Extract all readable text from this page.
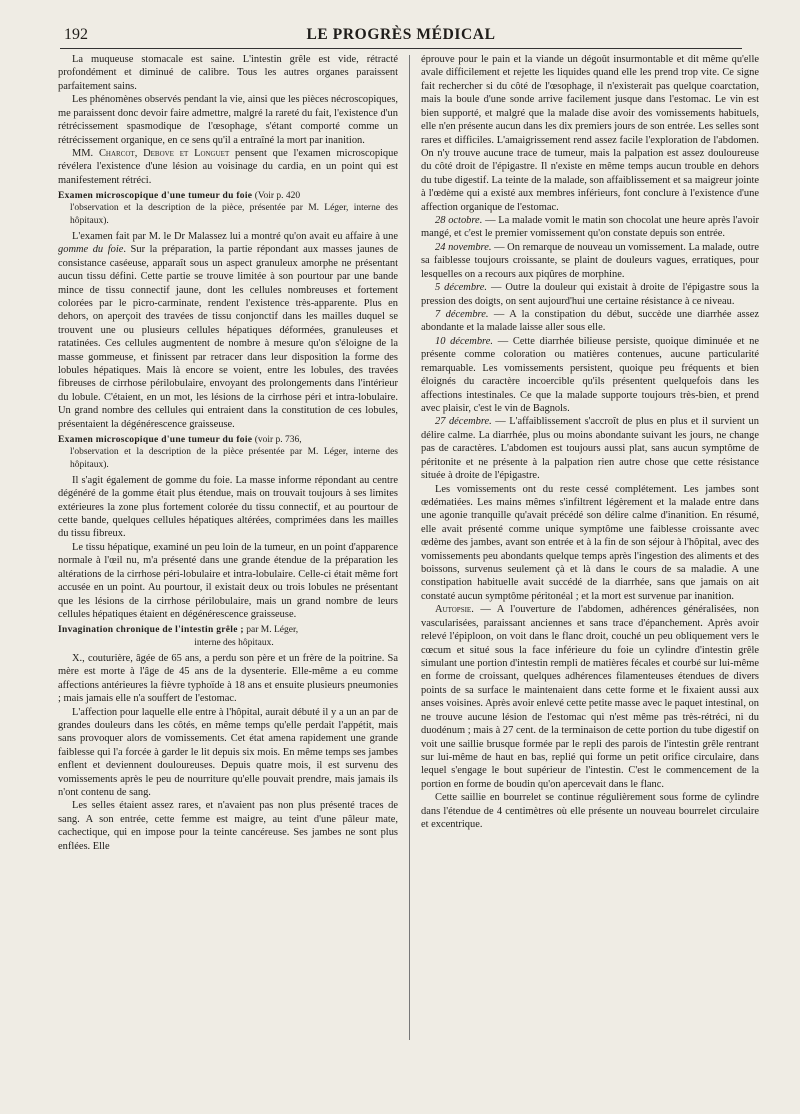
192	LE PROGRÈS MÉDICAL

La muqueuse stomacale est saine. L'intestin grêle est vide, rétracté profondément et diminué de calibre. Tous les autres organes paraissent parfaitement sains.

Les phénomènes observés pendant la vie, ainsi que les pièces nécroscopiques, me paraissent donc devoir faire admettre, malgré la rareté du fait, l'existence d'un rétrécissement spasmodique de l'œsophage, s'étant comporté comme un rétrécissement organique, en ce sens qu'il a entraîné la mort par inanition.

MM. Charcot, Debove et Longuet pensent que l'examen microscopique révélera l'existence d'une lésion au voisinage du cardia, en un point qui est manifestement rétréci.

Examen microscopique d'une tumeur du foie (Voir p. 420
l'observation et la description de la pièce, présentée par M. Léger, interne des hôpitaux).

L'examen fait par M. le Dr Malassez lui a montré qu'on avait eu affaire à une gomme du foie. Sur la préparation, la partie répondant aux masses jaunes de consistance caséeuse, apparaît sous un aspect granuleux amorphe ne présentant aucun tissu défini. Cette partie se trouve limitée à son pourtour par une bande mince de tissu connectif jaune, dont les cellules nombreuses et fortement colorées par le picro-carminate, rendent l'existence très-apparente. Plus en dehors, on aperçoit des travées de tissu conjonctif dans les mailles duquel se trouvent une ou plusieurs cellules hépatiques déformées, granuleuses et ratatinées. Ces cellules augmentent de nombre à mesure qu'on s'éloigne de la masse gommeuse, et finissent par retracer dans leur disposition la forme des lobules hépatiques. Mais là encore se voient, entre les lobules, des travées fibreuses de cirrhose périlobulaire, envoyant des prolongements dans l'intérieur du lobule. C'étaient, en un mot, les lésions de la cirrhose péri et intra-lobulaire. Un grand nombre des cellules qui entraient dans la constitution de ces lobules, présentaient la dégénérescence graisseuse.

Examen microscopique d'une tumeur du foie (voir p. 736,
l'observation et la description de la pièce présentée par M. Léger, interne des hôpitaux).

Il s'agit également de gomme du foie. La masse informe répondant au centre dégénéré de la gomme était plus étendue, mais on trouvait toujours à ses limites extérieures la zone plus fortement colorée du tissu connectif, et au pourtour de cette bande, quelques cellules hépatiques altérées, comprimées dans les mailles du tissu fibreux.

Le tissu hépatique, examiné un peu loin de la tumeur, en un point d'apparence normale à l'œil nu, m'a présenté dans une grande étendue de la préparation les altérations de la cirrhose péri-lobulaire et intra-lobulaire. Celle-ci était même fort accusée en un point. Au pourtour, il existait deux ou trois lobules ne présentant que les lésions de la cirrhose périlobulaire, mais un grand nombre de leurs cellules hépatiques étaient en dégénérescence graisseuse.

Invagination chronique de l'intestin grêle ; par M. Léger,
interne des hôpitaux.

X., couturière, âgée de 65 ans, a perdu son père et un frère de la poitrine. Sa mère est morte à l'âge de 45 ans de la dysenterie. Elle-même a eu comme affections antérieures la fièvre typhoïde à 18 ans et ensuite plusieurs pneumonies ; mais jamais elle n'a souffert de l'estomac.

L'affection pour laquelle elle entre à l'hôpital, aurait débuté il y a un an par de grandes douleurs dans les côtés, en même temps qu'elle perdait l'appétit, mais sans provoquer alors de vomissements. Cet état amena rapidement une grande faiblesse qui l'a forcée à garder le lit depuis six mois. En même temps ses jambes enflent et deviennent douloureuses. Depuis quatre mois, il est survenu des vomissements après le peu de nourriture qu'elle pouvait prendre, mais jamais ils n'ont contenu de sang.

Les selles étaient assez rares, et n'avaient pas non plus présenté traces de sang. A son entrée, cette femme est maigre, au teint d'une pâleur mate, cachectique, qui en impose pour la teinte cancéreuse. Ses jambes ne sont plus enflées. Elle

éprouve pour le pain et la viande un dégoût insurmontable et dit même qu'elle avale difficilement et rejette les liquides quand elle les prend trop vite. Ce signe fait rechercher si du côté de l'œsophage, il n'existerait pas quelque coarctation, mais la boule d'une sonde arrive facilement jusque dans l'estomac. Le vin est bien supporté, et malgré que la malade dise avoir des vomissements habituels, elle n'en présente aucun dans les dix premiers jours de son entrée. Les selles sont rares et difficiles. L'amaigrissement rend assez facile l'exploration de l'abdomen. On n'y trouve aucune trace de tumeur, mais la palpation est assez douloureuse du côté droit de l'épigastre. Il n'existe en même temps aucun trouble en dehors du tube digestif. La teinte de la malade, son affaiblissement et sa maigreur jointe à l'œdème qui a existé aux membres inférieurs, font conclure à l'existence d'une affection organique de l'estomac.

28 octobre. — La malade vomit le matin son chocolat une heure après l'avoir mangé, et c'est le premier vomissement qu'on constate depuis son entrée.

24 novembre. — On remarque de nouveau un vomissement. La malade, outre sa faiblesse toujours croissante, se plaint de douleurs vagues, erratiques, pour lesquelles on a recours aux piqûres de morphine.

5 décembre. — Outre la douleur qui existait à droite de l'épigastre sous la pression des doigts, on sent aujourd'hui une certaine résistance à ce niveau.

7 décembre. — A la constipation du début, succède une diarrhée assez abondante et la malade laisse aller sous elle.

10 décembre. — Cette diarrhée bilieuse persiste, quoique diminuée et ne présente comme coloration ou matières contenues, aucune particularité remarquable. Les vomissements persistent, quoique peu fréquents et bien éloignés du caractère incoercible qu'ils présentent quelquefois dans les affections intestinales. Ce que la malade supporte toujours très-bien, et prend avec plaisir, c'est le vin de Bagnols.

27 décembre. — L'affaiblissement s'accroît de plus en plus et il survient un délire calme. La diarrhée, plus ou moins abondante suivant les jours, ne change pas de caractères. L'abdomen est toujours aussi plat, sans aucun symptôme de péritonite et ne présente à la palpation rien autre chose que cette résistance située à droite de l'épigastre.

Les vomissements ont du reste cessé complétement. Les jambes sont œdématiées. Les mains mêmes s'infiltrent légèrement et la malade entre dans une agonie tranquille qu'avait précédé son délire calme d'inanition. En résumé, elle avait présenté comme unique symptôme une faiblesse croissante avec œdème des jambes, avant son entrée et à la fin de son séjour à l'hôpital, avec des vomissements peu abondants quelque temps après l'ingestion des aliments et des boissons, survenus seulement çà et là dans le cours de sa maladie. A une constipation habituelle avait succédé de la diarrhée, sans que jamais on ait constaté aucun symptôme péritonéal ; et la mort est survenue par inanition.

Autopsie. — A l'ouverture de l'abdomen, adhérences généralisées, non vascularisées, paraissant anciennes et sans trace d'épanchement. Après avoir relevé l'épiploon, on voit dans le flanc droit, couché un peu obliquement vers le cœcum et situé sous la face inférieure du foie un cylindre d'intestin grêle simulant une portion d'intestin rempli de matières fécales et courbé sur lui-même en forme de croissant, quelques adhérences filamenteuses étendues de divers points de sa surface le maintenaient dans cette forme et le fixaient aussi aux anses voisines. Après avoir enlevé cette petite masse avec le paquet intestinal, on ne trouve aucune lésion de l'estomac qui n'est même pas très-rétréci, ni du duodénum ; mais à 27 cent. de la terminaison de cette portion du tube digestif on voit une saillie brusque formée par le repli des parois de l'intestin grêle rentrant sur lui-même de haut en bas, replié qui forme un petit orifice circulaire, dans lequel s'engage le bout supérieur de l'intestin. C'est le commencement de la portion en forme de boudin qu'on apercevait dans le flanc.

Cette saillie en bourrelet se continue régulièrement sous forme de cylindre dans l'étendue de 4 centimètres où elle présente un nouveau bourrelet circulaire et excentrique.
